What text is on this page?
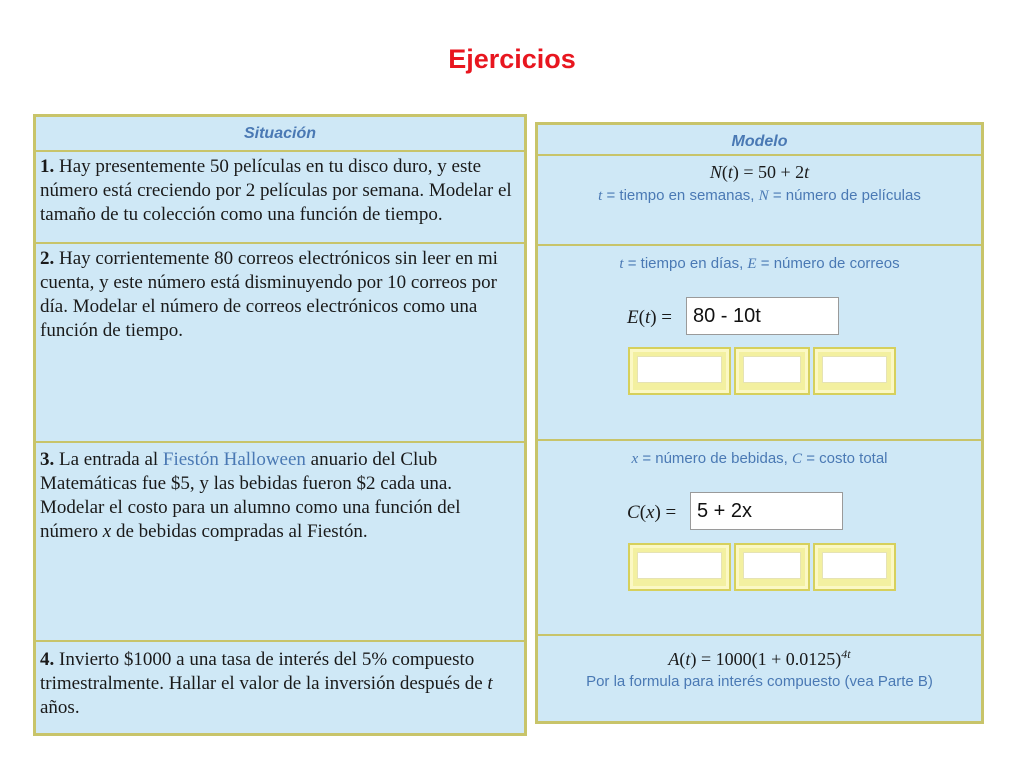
Ejercicios
Situación
1. Hay presentemente 50 películas en tu disco duro, y este número está creciendo por 2 películas por semana. Modelar el tamaño de tu colección como una función de tiempo.
2. Hay corrientemente 80 correos electrónicos sin leer en mi cuenta, y este número está disminuyendo por 10 correos por día. Modelar el número de correos electrónicos como una función de tiempo.
3. La entrada al Fiestón Halloween anuario del Club Matemáticas fue $5, y las bebidas fueron $2 cada una. Modelar el costo para un alumno como una función del número x de bebidas compradas al Fiestón.
4. Invierto $1000 a una tasa de interés del 5% compuesto trimestralmente. Hallar el valor de la inversión después de t años.
Modelo
N(t) = 50 + 2t
t = tiempo en semanas, N = número de películas
t = tiempo en días, E = número de correos
E(t) =	80 - 10t
x = número de bebidas, C = costo total
C(x) =	5 + 2x
$A(t) = 1000(1 + 0.0125)^{4t}$
Por la formula para interés compuesto (vea Parte B)
